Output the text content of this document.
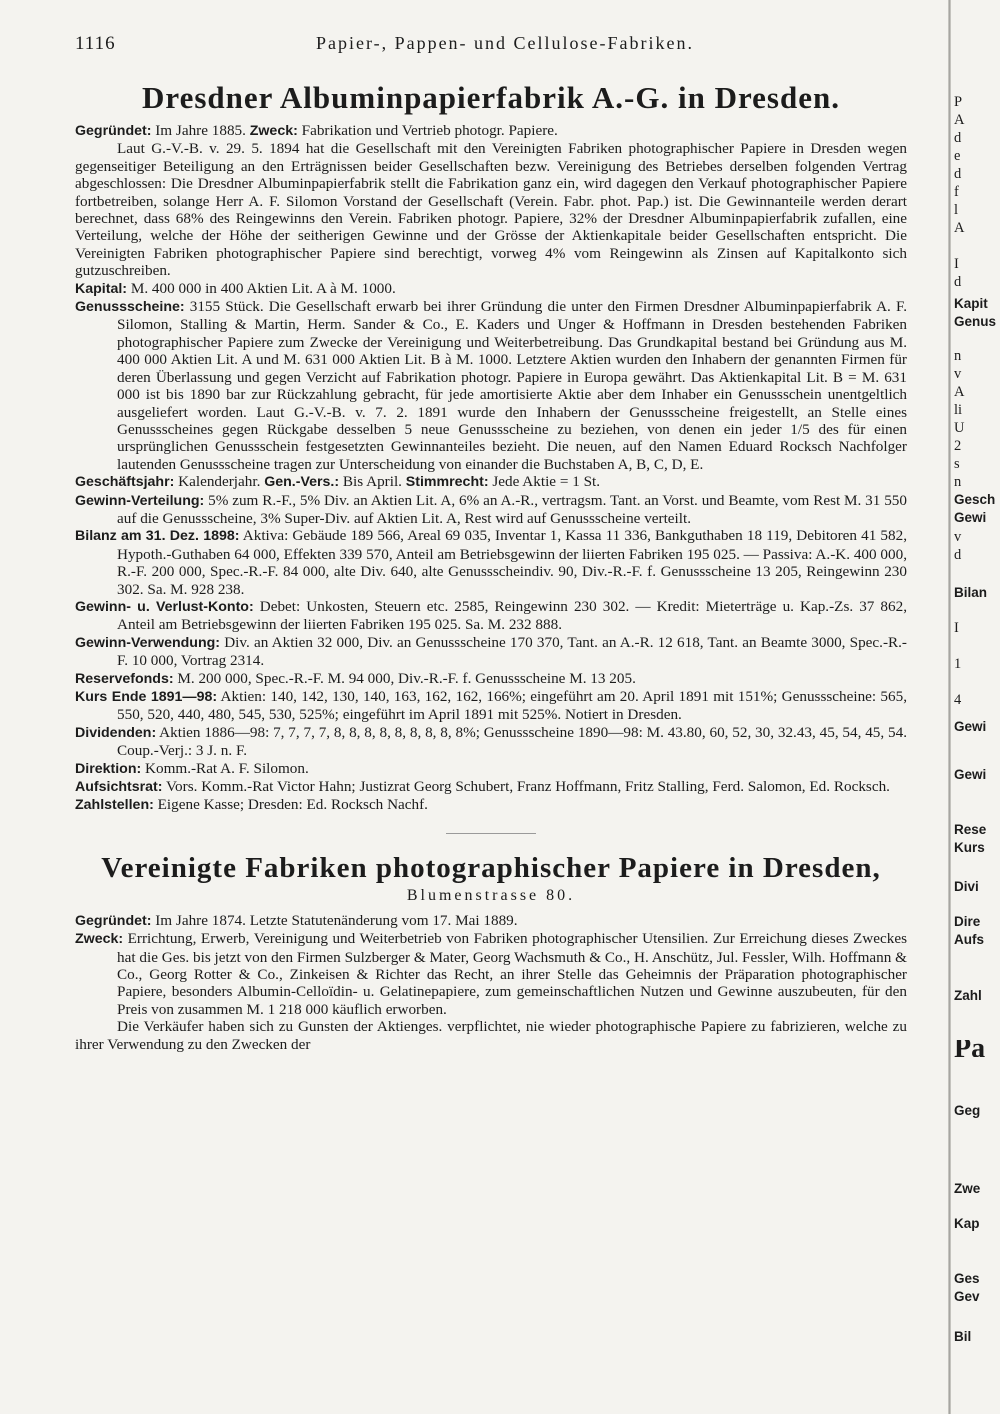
1116	Papier-, Pappen- und Cellulose-Fabriken.
Dresdner Albuminpapierfabrik A.-G. in Dresden.

Gegründet: Im Jahre 1885. Zweck: Fabrikation und Vertrieb photogr. Papiere.

Laut G.-V.-B. v. 29. 5. 1894 hat die Gesellschaft mit den Vereinigten Fabriken photographischer Papiere in Dresden wegen gegenseitiger Beteiligung an den Erträgnissen beider Gesellschaften bezw. Vereinigung des Betriebes derselben folgenden Vertrag abgeschlossen: Die Dresdner Albuminpapierfabrik stellt die Fabrikation ganz ein, wird dagegen den Verkauf photographischer Papiere fortbetreiben, solange Herr A. F. Silomon Vorstand der Gesellschaft (Verein. Fabr. phot. Pap.) ist. Die Gewinnanteile werden derart berechnet, dass 68% des Reingewinns den Verein. Fabriken photogr. Papiere, 32% der Dresdner Albuminpapierfabrik zufallen, eine Verteilung, welche der Höhe der seitherigen Gewinne und der Grösse der Aktienkapitale beider Gesellschaften entspricht. Die Vereinigten Fabriken photographischer Papiere sind berechtigt, vorweg 4% vom Reingewinn als Zinsen auf Kapitalkonto sich gutzuschreiben.

Kapital: M. 400 000 in 400 Aktien Lit. A à M. 1000.

Genussscheine: 3155 Stück. Die Gesellschaft erwarb bei ihrer Gründung die unter den Firmen Dresdner Albuminpapierfabrik A. F. Silomon, Stalling & Martin, Herm. Sander & Co., E. Kaders und Unger & Hoffmann in Dresden bestehenden Fabriken photographischer Papiere zum Zwecke der Vereinigung und Weiterbetreibung. Das Grundkapital bestand bei Gründung aus M. 400 000 Aktien Lit. A und M. 631 000 Aktien Lit. B à M. 1000. Letztere Aktien wurden den Inhabern der genannten Firmen für deren Überlassung und gegen Verzicht auf Fabrikation photogr. Papiere in Europa gewährt. Das Aktienkapital Lit. B = M. 631 000 ist bis 1890 bar zur Rückzahlung gebracht, für jede amortisierte Aktie aber dem Inhaber ein Genussschein unentgeltlich ausgeliefert worden. Laut G.-V.-B. v. 7. 2. 1891 wurde den Inhabern der Genussscheine freigestellt, an Stelle eines Genussscheines gegen Rückgabe desselben 5 neue Genussscheine zu beziehen, von denen ein jeder 1/5 des für einen ursprünglichen Genussschein festgesetzten Gewinnanteiles bezieht. Die neuen, auf den Namen Eduard Rocksch Nachfolger lautenden Genussscheine tragen zur Unterscheidung von einander die Buchstaben A, B, C, D, E.

Geschäftsjahr: Kalenderjahr. Gen.-Vers.: Bis April. Stimmrecht: Jede Aktie = 1 St.

Gewinn-Verteilung: 5% zum R.-F., 5% Div. an Aktien Lit. A, 6% an A.-R., vertragsm. Tant. an Vorst. und Beamte, vom Rest M. 31 550 auf die Genussscheine, 3% Super-Div. auf Aktien Lit. A, Rest wird auf Genussscheine verteilt.

Bilanz am 31. Dez. 1898: Aktiva: Gebäude 189 566, Areal 69 035, Inventar 1, Kassa 11 336, Bankguthaben 18 119, Debitoren 41 582, Hypoth.-Guthaben 64 000, Effekten 339 570, Anteil am Betriebsgewinn der liierten Fabriken 195 025. — Passiva: A.-K. 400 000, R.-F. 200 000, Spec.-R.-F. 84 000, alte Div. 640, alte Genussscheindiv. 90, Div.-R.-F. f. Genussscheine 13 205, Reingewinn 230 302. Sa. M. 928 238.

Gewinn- u. Verlust-Konto: Debet: Unkosten, Steuern etc. 2585, Reingewinn 230 302. — Kredit: Mieterträge u. Kap.-Zs. 37 862, Anteil am Betriebsgewinn der liierten Fabriken 195 025. Sa. M. 232 888.

Gewinn-Verwendung: Div. an Aktien 32 000, Div. an Genussscheine 170 370, Tant. an A.-R. 12 618, Tant. an Beamte 3000, Spec.-R.-F. 10 000, Vortrag 2314.

Reservefonds: M. 200 000, Spec.-R.-F. M. 94 000, Div.-R.-F. f. Genussscheine M. 13 205.

Kurs Ende 1891—98: Aktien: 140, 142, 130, 140, 163, 162, 162, 166%; eingeführt am 20. April 1891 mit 151%; Genussscheine: 565, 550, 520, 440, 480, 545, 530, 525%; eingeführt im April 1891 mit 525%. Notiert in Dresden.

Dividenden: Aktien 1886—98: 7, 7, 7, 7, 8, 8, 8, 8, 8, 8, 8, 8, 8%; Genussscheine 1890—98: M. 43.80, 60, 52, 30, 32.43, 45, 54, 45, 54. Coup.-Verj.: 3 J. n. F.

Direktion: Komm.-Rat A. F. Silomon.

Aufsichtsrat: Vors. Komm.-Rat Victor Hahn; Justizrat Georg Schubert, Franz Hoffmann, Fritz Stalling, Ferd. Salomon, Ed. Rocksch.

Zahlstellen: Eigene Kasse; Dresden: Ed. Rocksch Nachf.

Vereinigte Fabriken photographischer Papiere in Dresden,
Blumenstrasse 80.

Gegründet: Im Jahre 1874. Letzte Statutenänderung vom 17. Mai 1889.

Zweck: Errichtung, Erwerb, Vereinigung und Weiterbetrieb von Fabriken photographischer Utensilien. Zur Erreichung dieses Zweckes hat die Ges. bis jetzt von den Firmen Sulzberger & Mater, Georg Wachsmuth & Co., H. Anschütz, Jul. Fessler, Wilh. Hoffmann & Co., Georg Rotter & Co., Zinkeisen & Richter das Recht, an ihrer Stelle das Geheimnis der Präparation photographischer Papiere, besonders Albumin-Celloïdin- u. Gelatinepapiere, zum gemeinschaftlichen Nutzen und Gewinne auszubeuten, für den Preis von zusammen M. 1 218 000 käuflich erworben.

Die Verkäufer haben sich zu Gunsten der Aktienges. verpflichtet, nie wieder photographische Papiere zu fabrizieren, welche zu ihrer Verwendung zu den Zwecken der

P
A
d
e
d
f
l
A
I
d
Kapit
Genus
n
v
A
li
U
2
s
n
Gesch
Gewi
v
d
Bilan
I
1
4
Gewi
Gewi
Rese
Kurs
Divi
Dire
Aufs
Zahl
Pa
Geg
Zwe
Kap
Ges
Gev
Bil
